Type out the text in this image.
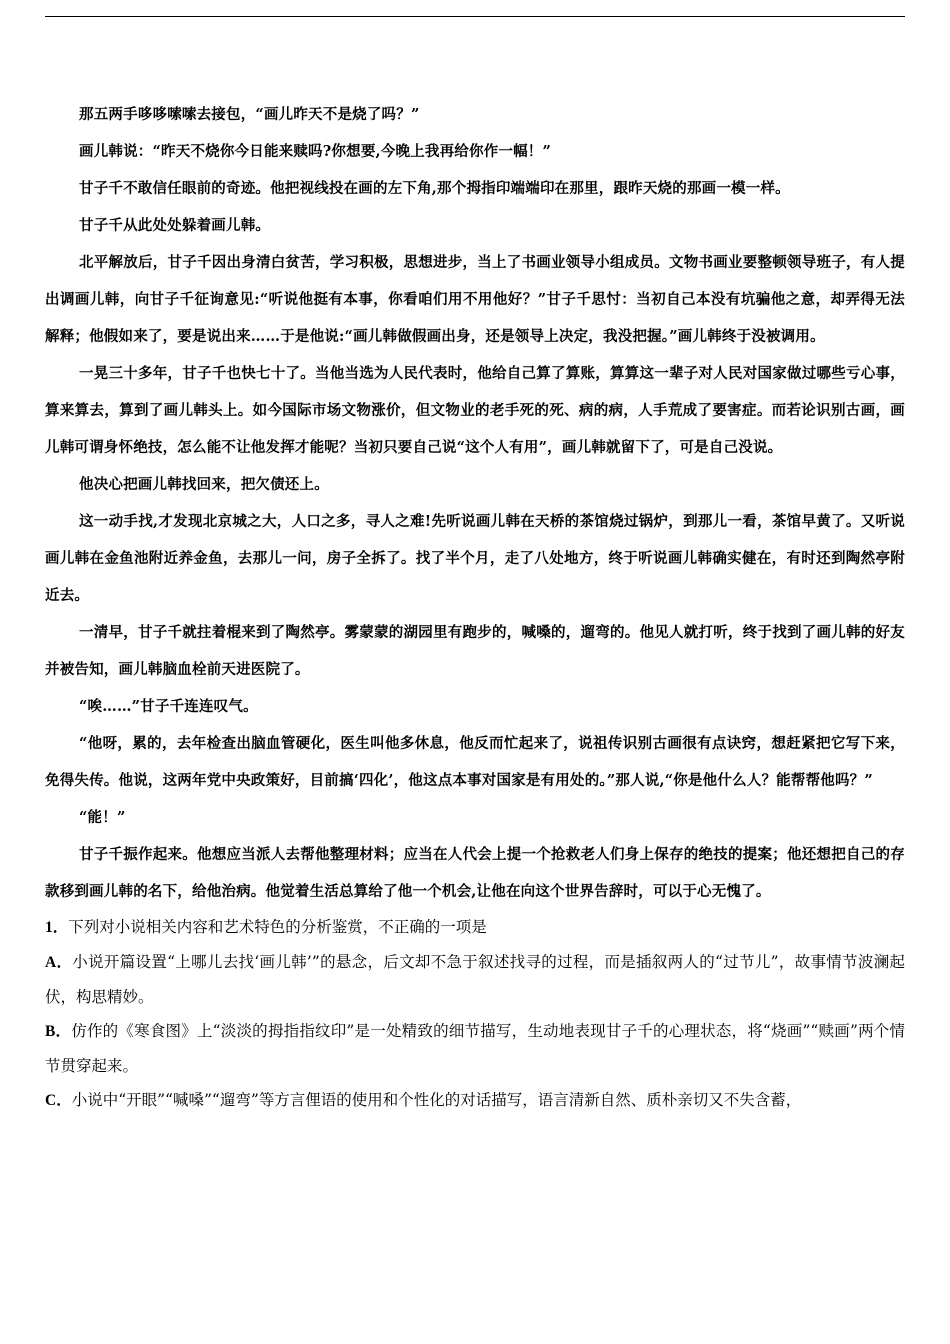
那五两手哆哆嗦嗦去接包，“画儿昨天不是烧了吗？”

画儿韩说：“昨天不烧你今日能来赎吗?你想要,今晚上我再给你作一幅！”

甘子千不敢信任眼前的奇迹。他把视线投在画的左下角,那个拇指印端端印在那里，跟昨天烧的那画一模一样。

甘子千从此处处躲着画儿韩。

北平解放后，甘子千因出身清白贫苦，学习积极，思想进步，当上了书画业领导小组成员。文物书画业要整顿领导班子，有人提出调画儿韩，向甘子千征询意见:“听说他挺有本事，你看咱们用不用他好？”甘子千思忖：当初自己本没有坑骗他之意，却弄得无法解释；他假如来了，要是说出来……于是他说:“画儿韩做假画出身，还是领导上决定，我没把握。”画儿韩终于没被调用。

一晃三十多年，甘子千也快七十了。当他当选为人民代表时，他给自己算了算账，算算这一辈子对人民对国家做过哪些亏心事，算来算去，算到了画儿韩头上。如今国际市场文物涨价，但文物业的老手死的死、病的病，人手荒成了要害症。而若论识别古画，画儿韩可谓身怀绝技，怎么能不让他发挥才能呢？当初只要自己说“这个人有用”，画儿韩就留下了，可是自己没说。

他决心把画儿韩找回来，把欠债还上。

这一动手找,才发现北京城之大，人口之多，寻人之难!先听说画儿韩在天桥的茶馆烧过锅炉，到那儿一看，茶馆早黄了。又听说画儿韩在金鱼池附近养金鱼，去那儿一问，房子全拆了。找了半个月，走了八处地方，终于听说画儿韩确实健在，有时还到陶然亭附近去。

一清早，甘子千就拄着棍来到了陶然亭。雾蒙蒙的湖园里有跑步的，喊嗓的，遛弯的。他见人就打听，终于找到了画儿韩的好友并被告知，画儿韩脑血栓前天进医院了。

“唉……”甘子千连连叹气。

“他呀，累的，去年检查出脑血管硬化，医生叫他多休息，他反而忙起来了，说祖传识别古画很有点诀窍，想赶紧把它写下来，免得失传。他说，这两年党中央政策好，目前搞‘四化’，他这点本事对国家是有用处的。”那人说,“你是他什么人？能帮帮他吗？”

“能！”

甘子千振作起来。他想应当派人去帮他整理材料；应当在人代会上提一个抢救老人们身上保存的绝技的提案；他还想把自己的存款移到画儿韩的名下，给他治病。他觉着生活总算给了他一个机会,让他在向这个世界告辞时，可以于心无愧了。

1．下列对小说相关内容和艺术特色的分析鉴赏，不正确的一项是

A．小说开篇设置“上哪儿去找‘画儿韩’”的悬念，后文却不急于叙述找寻的过程，而是插叙两人的“过节儿”，故事情节波澜起伏，构思精妙。

B．仿作的《寒食图》上“淡淡的拇指指纹印”是一处精致的细节描写，生动地表现甘子千的心理状态，将“烧画”“赎画”两个情节贯穿起来。

C．小说中“开眼”“喊嗓”“遛弯”等方言俚语的使用和个性化的对话描写，语言清新自然、质朴亲切又不失含蓄，
